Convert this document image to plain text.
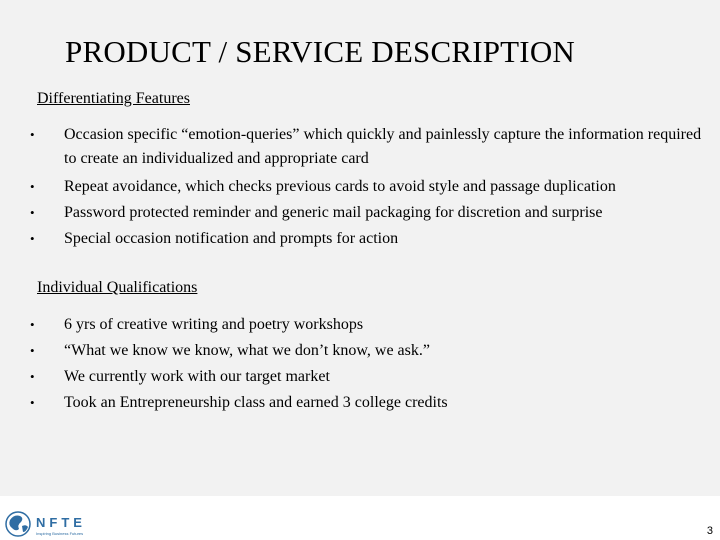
PRODUCT / SERVICE DESCRIPTION
Differentiating Features
• Occasion specific “emotion-queries” which quickly and painlessly capture the information required to create an individualized and appropriate card
• Repeat avoidance, which checks previous cards to avoid style and passage duplication
• Password protected reminder and generic mail packaging for discretion and surprise
• Special occasion notification and prompts for action
Individual Qualifications
• 6 yrs of creative writing and poetry workshops
• “What we know we know, what we don’t know, we ask.”
• We currently work with our target market
• Took an Entrepreneurship class and earned 3 college credits
NFTE
Inspiring Business Futures	3
